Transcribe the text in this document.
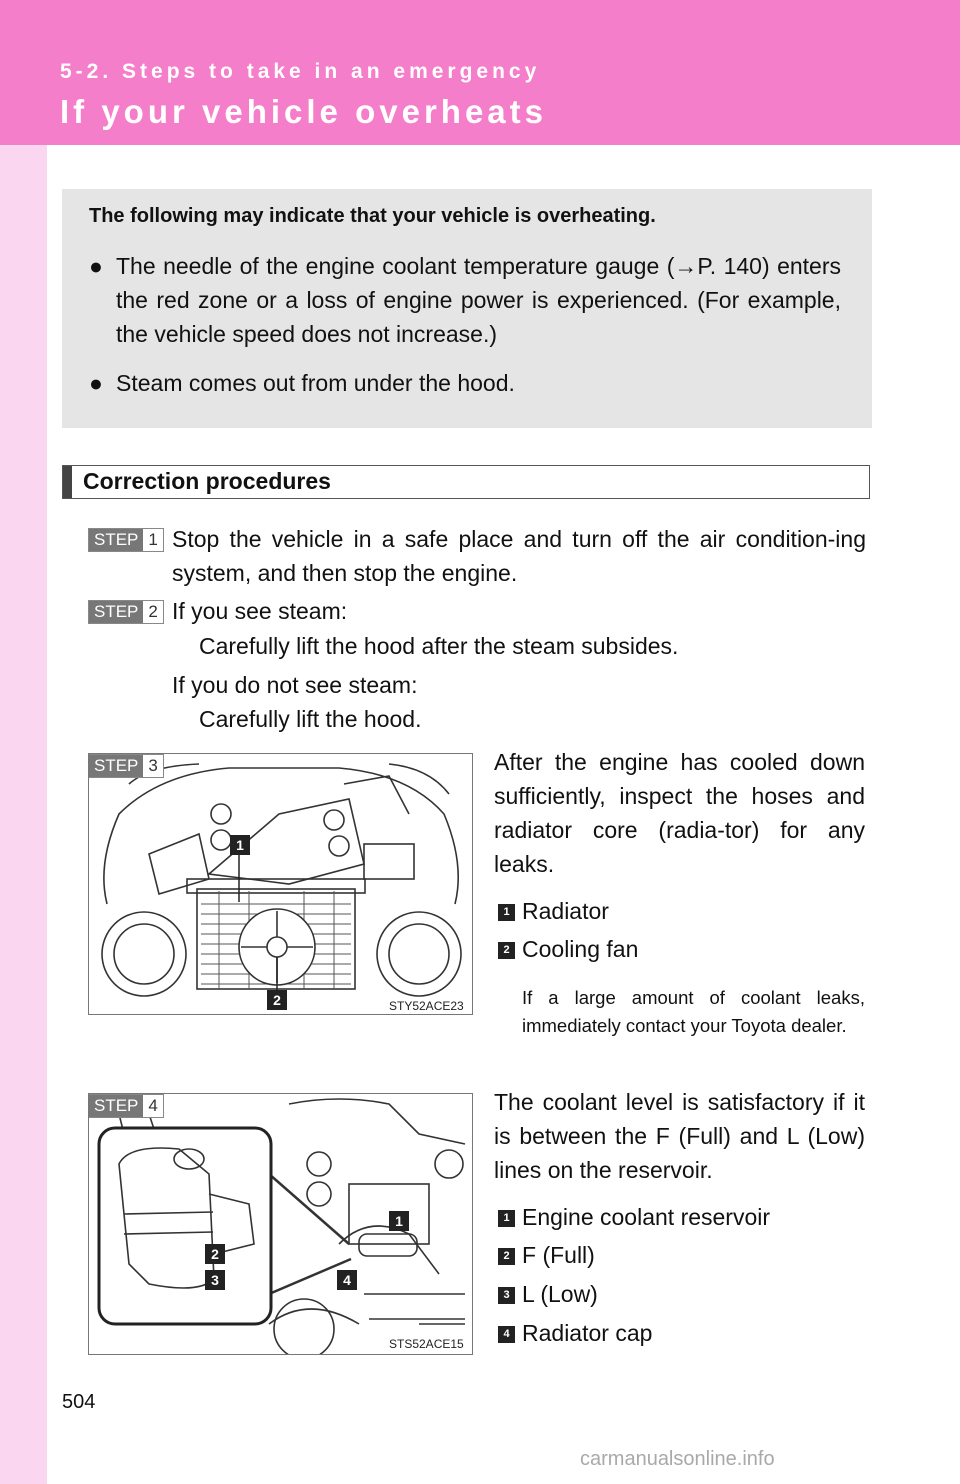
5-2. Steps to take in an emergency
If your vehicle overheats
The following may indicate that your vehicle is overheating.
● The needle of the engine coolant temperature gauge (→P. 140) enters the red zone or a loss of engine power is experienced. (For example, the vehicle speed does not increase.)
● Steam comes out from under the hood.
Correction procedures
STEP 1 Stop the vehicle in a safe place and turn off the air condition-ing system, and then stop the engine.
STEP 2 If you see steam:
Carefully lift the hood after the steam subsides.
If you do not see steam:
Carefully lift the hood.
STEP 3
1
2	STY52ACE23
After the engine has cooled down sufficiently, inspect the hoses and radiator core (radia-tor) for any leaks.
1 Radiator
2 Cooling fan
If a large amount of coolant leaks, immediately contact your Toyota dealer.
STEP 4
1
2
3	4
STS52ACE15
The coolant level is satisfactory if it is between the F (Full) and L (Low) lines on the reservoir.
1 Engine coolant reservoir
2 F (Full)
3 L (Low)
4 Radiator cap
504
carmanualsonline.info
